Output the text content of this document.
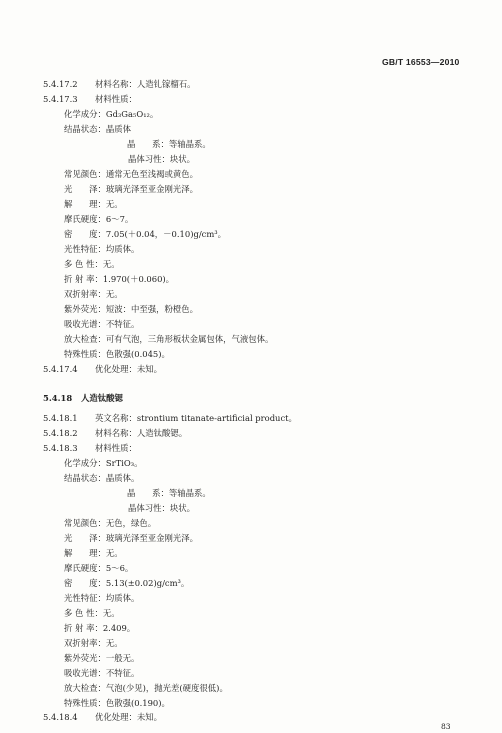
GB/T 16553—2010
5.4.17.2 材料名称：人造钆镓榴石。
5.4.17.3 材料性质：
化学成分：Gd₃Ga₅O₁₂。
结晶状态：晶质体
晶　　系：等轴晶系。
晶体习性：块状。
常见颜色：通常无色至浅褐或黄色。
光　　泽：玻璃光泽至亚金刚光泽。
解　　理：无。
摩氏硬度：6～7。
密　　度：7.05(＋0.04，－0.10)g/cm³。
光性特征：均质体。
多 色 性：无。
折 射 率：1.970(＋0.060)。
双折射率：无。
紫外荧光：短波：中至强，粉橙色。
吸收光谱：不特征。
放大检查：可有气泡，三角形板状金属包体，气液包体。
特殊性质：色散强(0.045)。
5.4.17.4 优化处理：未知。
5.4.18 人造钛酸锶
5.4.18.1 英文名称：strontium titanate-artificial product。
5.4.18.2 材料名称：人造钛酸锶。
5.4.18.3 材料性质：
化学成分：SrTiO₃。
结晶状态：晶质体。
晶　　系：等轴晶系。
晶体习性：块状。
常见颜色：无色，绿色。
光　　泽：玻璃光泽至亚金刚光泽。
解　　理：无。
摩氏硬度：5～6。
密　　度：5.13(±0.02)g/cm³。
光性特征：均质体。
多 色 性：无。
折 射 率：2.409。
双折射率：无。
紫外荧光：一般无。
吸收光谱：不特征。
放大检查：气泡(少见)，抛光差(硬度很低)。
特殊性质：色散强(0.190)。
5.4.18.4 优化处理：未知。
83
